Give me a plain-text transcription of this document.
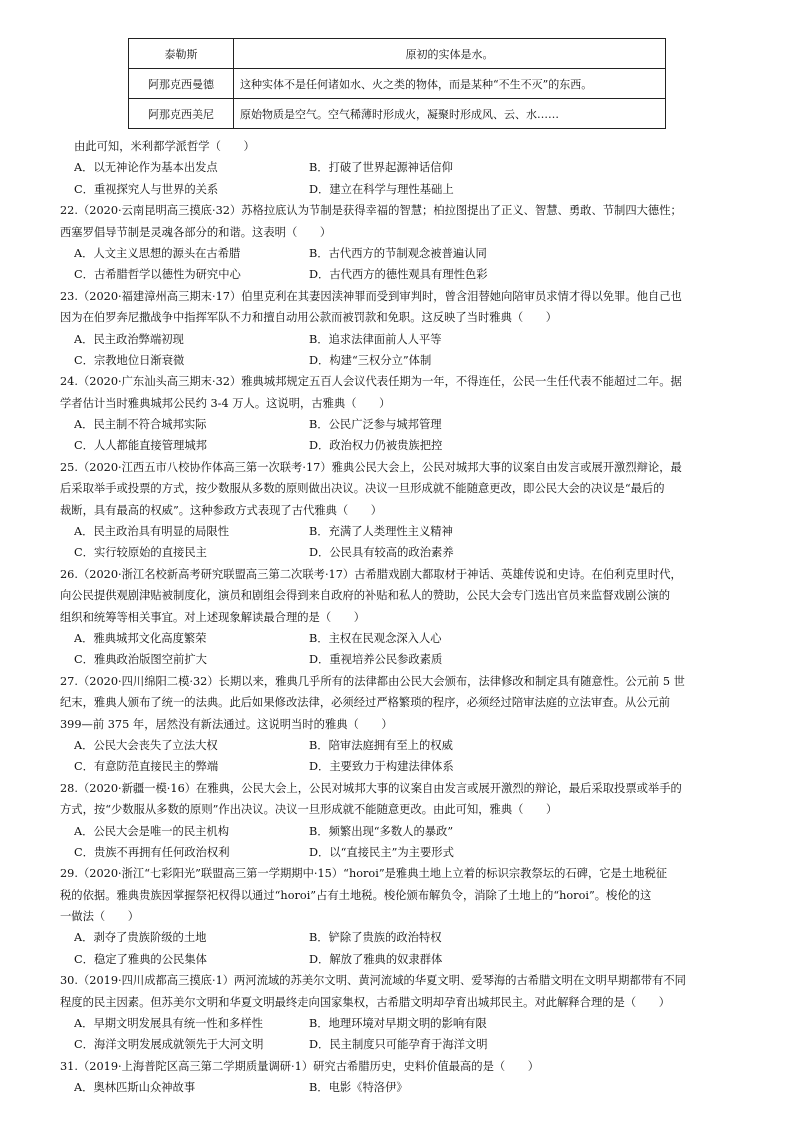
泰勒斯	原初的实体是水。
阿那克西曼德	这种实体不是任何诸如水、火之类的物体，而是某种“不生不灭”的东西。
阿那克西美尼	原始物质是空气。空气稀薄时形成火，凝聚时形成风、云、水……
由此可知，米利都学派哲学（　　）
A．以无神论作为基本出发点	B．打破了世界起源神话信仰
C．重视探究人与世界的关系	D．建立在科学与理性基础上
22.（2020·云南昆明高三摸底·32）苏格拉底认为节制是获得幸福的智慧；柏拉图提出了正义、智慧、勇敢、节制四大德性；
西塞罗倡导节制是灵魂各部分的和谐。这表明（　　）
A．人文主义思想的源头在古希腊	B．古代西方的节制观念被普遍认同
C．古希腊哲学以德性为研究中心	D．古代西方的德性观具有理性色彩
23.（2020·福建漳州高三期末·17）伯里克利在其妻因渎神罪而受到审判时，曾含泪替她向陪审员求情才得以免罪。他自己也
因为在伯罗奔尼撒战争中指挥军队不力和擅自动用公款而被罚款和免职。这反映了当时雅典（　　）
A．民主政治弊端初现	B．追求法律面前人人平等
C．宗教地位日渐衰微	D．构建“三权分立”体制
24.（2020·广东汕头高三期末·32）雅典城邦规定五百人会议代表任期为一年，不得连任，公民一生任代表不能超过二年。据
学者估计当时雅典城邦公民约 3-4 万人。这说明，古雅典（　　）
A．民主制不符合城邦实际	B．公民广泛参与城邦管理
C．人人都能直接管理城邦	D．政治权力仍被贵族把控
25.（2020·江西五市八校协作体高三第一次联考·17）雅典公民大会上，公民对城邦大事的议案自由发言或展开激烈辩论，最
后采取举手或投票的方式，按少数服从多数的原则做出决议。决议一旦形成就不能随意更改，即公民大会的决议是“最后的
裁断，具有最高的权威”。这种参政方式表现了古代雅典（　　）
A．民主政治具有明显的局限性	B．充满了人类理性主义精神
C．实行较原始的直接民主	D．公民具有较高的政治素养
26.（2020·浙江名校新高考研究联盟高三第二次联考·17）古希腊戏剧大都取材于神话、英雄传说和史诗。在伯利克里时代，
向公民提供观剧津贴被制度化，演员和剧组会得到来自政府的补贴和私人的赞助，公民大会专门选出官员来监督戏剧公演的
组织和统筹等相关事宜。对上述现象解读最合理的是（　　）
A．雅典城邦文化高度繁荣	B．主权在民观念深入人心
C．雅典政治版图空前扩大	D．重视培养公民参政素质
27.（2020·四川绵阳二模·32）长期以来，雅典几乎所有的法律都由公民大会颁布，法律修改和制定具有随意性。公元前 5 世
纪末，雅典人颁布了统一的法典。此后如果修改法律，必须经过严格繁琐的程序，必须经过陪审法庭的立法审查。从公元前
399—前 375 年，居然没有新法通过。这说明当时的雅典（　　）
A．公民大会丧失了立法大权	B．陪审法庭拥有至上的权威
C．有意防范直接民主的弊端	D．主要致力于构建法律体系
28.（2020·新疆一模·16）在雅典，公民大会上，公民对城邦大事的议案自由发言或展开激烈的辩论，最后采取投票或举手的
方式，按“少数服从多数的原则”作出决议。决议一旦形成就不能随意更改。由此可知，雅典（　　）
A．公民大会是唯一的民主机构	B．频繁出现“多数人的暴政”
C．贵族不再拥有任何政治权利	D．以“直接民主”为主要形式
29.（2020·浙江“七彩阳光”联盟高三第一学期期中·15）“horoi”是雅典土地上立着的标识宗教祭坛的石碑，它是土地税征
税的依据。雅典贵族因掌握祭祀权得以通过“horoi”占有土地税。梭伦颁布解负令，消除了土地上的“horoi”。梭伦的这
一做法（　　）
A．剥夺了贵族阶级的土地	B．铲除了贵族的政治特权
C．稳定了雅典的公民集体	D．解放了雅典的奴隶群体
30.（2019·四川成都高三摸底·1）两河流域的苏美尔文明、黄河流域的华夏文明、爱琴海的古希腊文明在文明早期都带有不同
程度的民主因素。但苏美尔文明和华夏文明最终走向国家集权，古希腊文明却孕育出城邦民主。对此解释合理的是（　　）
A．早期文明发展具有统一性和多样性	B．地理环境对早期文明的影响有限
C．海洋文明发展成就领先于大河文明	D．民主制度只可能孕育于海洋文明
31.（2019·上海普陀区高三第二学期质量调研·1）研究古希腊历史，史料价值最高的是（　　）
A．奥林匹斯山众神故事	B．电影《特洛伊》
